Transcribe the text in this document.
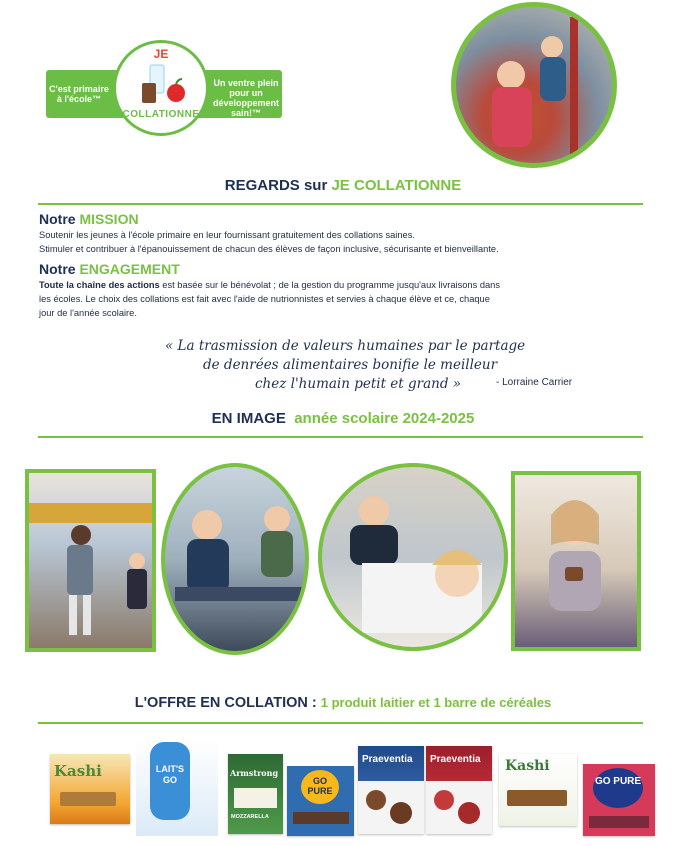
C'est primaire à l'école™
Un ventre plein pour un développement sain!™
JE
COLLATIONNE
REGARDS sur JE COLLATIONNE
Notre MISSION
Soutenir les jeunes à l'école primaire en leur fournissant gratuitement des collations saines.
Stimuler et contribuer à l'épanouissement de chacun des élèves de façon inclusive, sécurisante et bienveillante.
Notre ENGAGEMENT
Toute la chaîne des actions est basée sur le bénévolat ; de la gestion du programme jusqu'aux livraisons dans
les écoles. Le choix des collations est fait avec l'aide de nutrionnistes et servies à chaque élève et ce, chaque
jour de l'année scolaire.
« La trasmission de valeurs humaines par le partage
de denrées alimentaires bonifie le meilleur
chez l'humain petit et grand »	- Lorraine Carrier
EN IMAGE année scolaire 2024-2025
L'OFFRE EN COLLATION : 1 produit laitier et 1 barre de céréales
Kashi	LAIT'S GO
Armstrong
MOZZARELLA
GO PURE
Praeventia Praeventia Kashi
GO PURE
